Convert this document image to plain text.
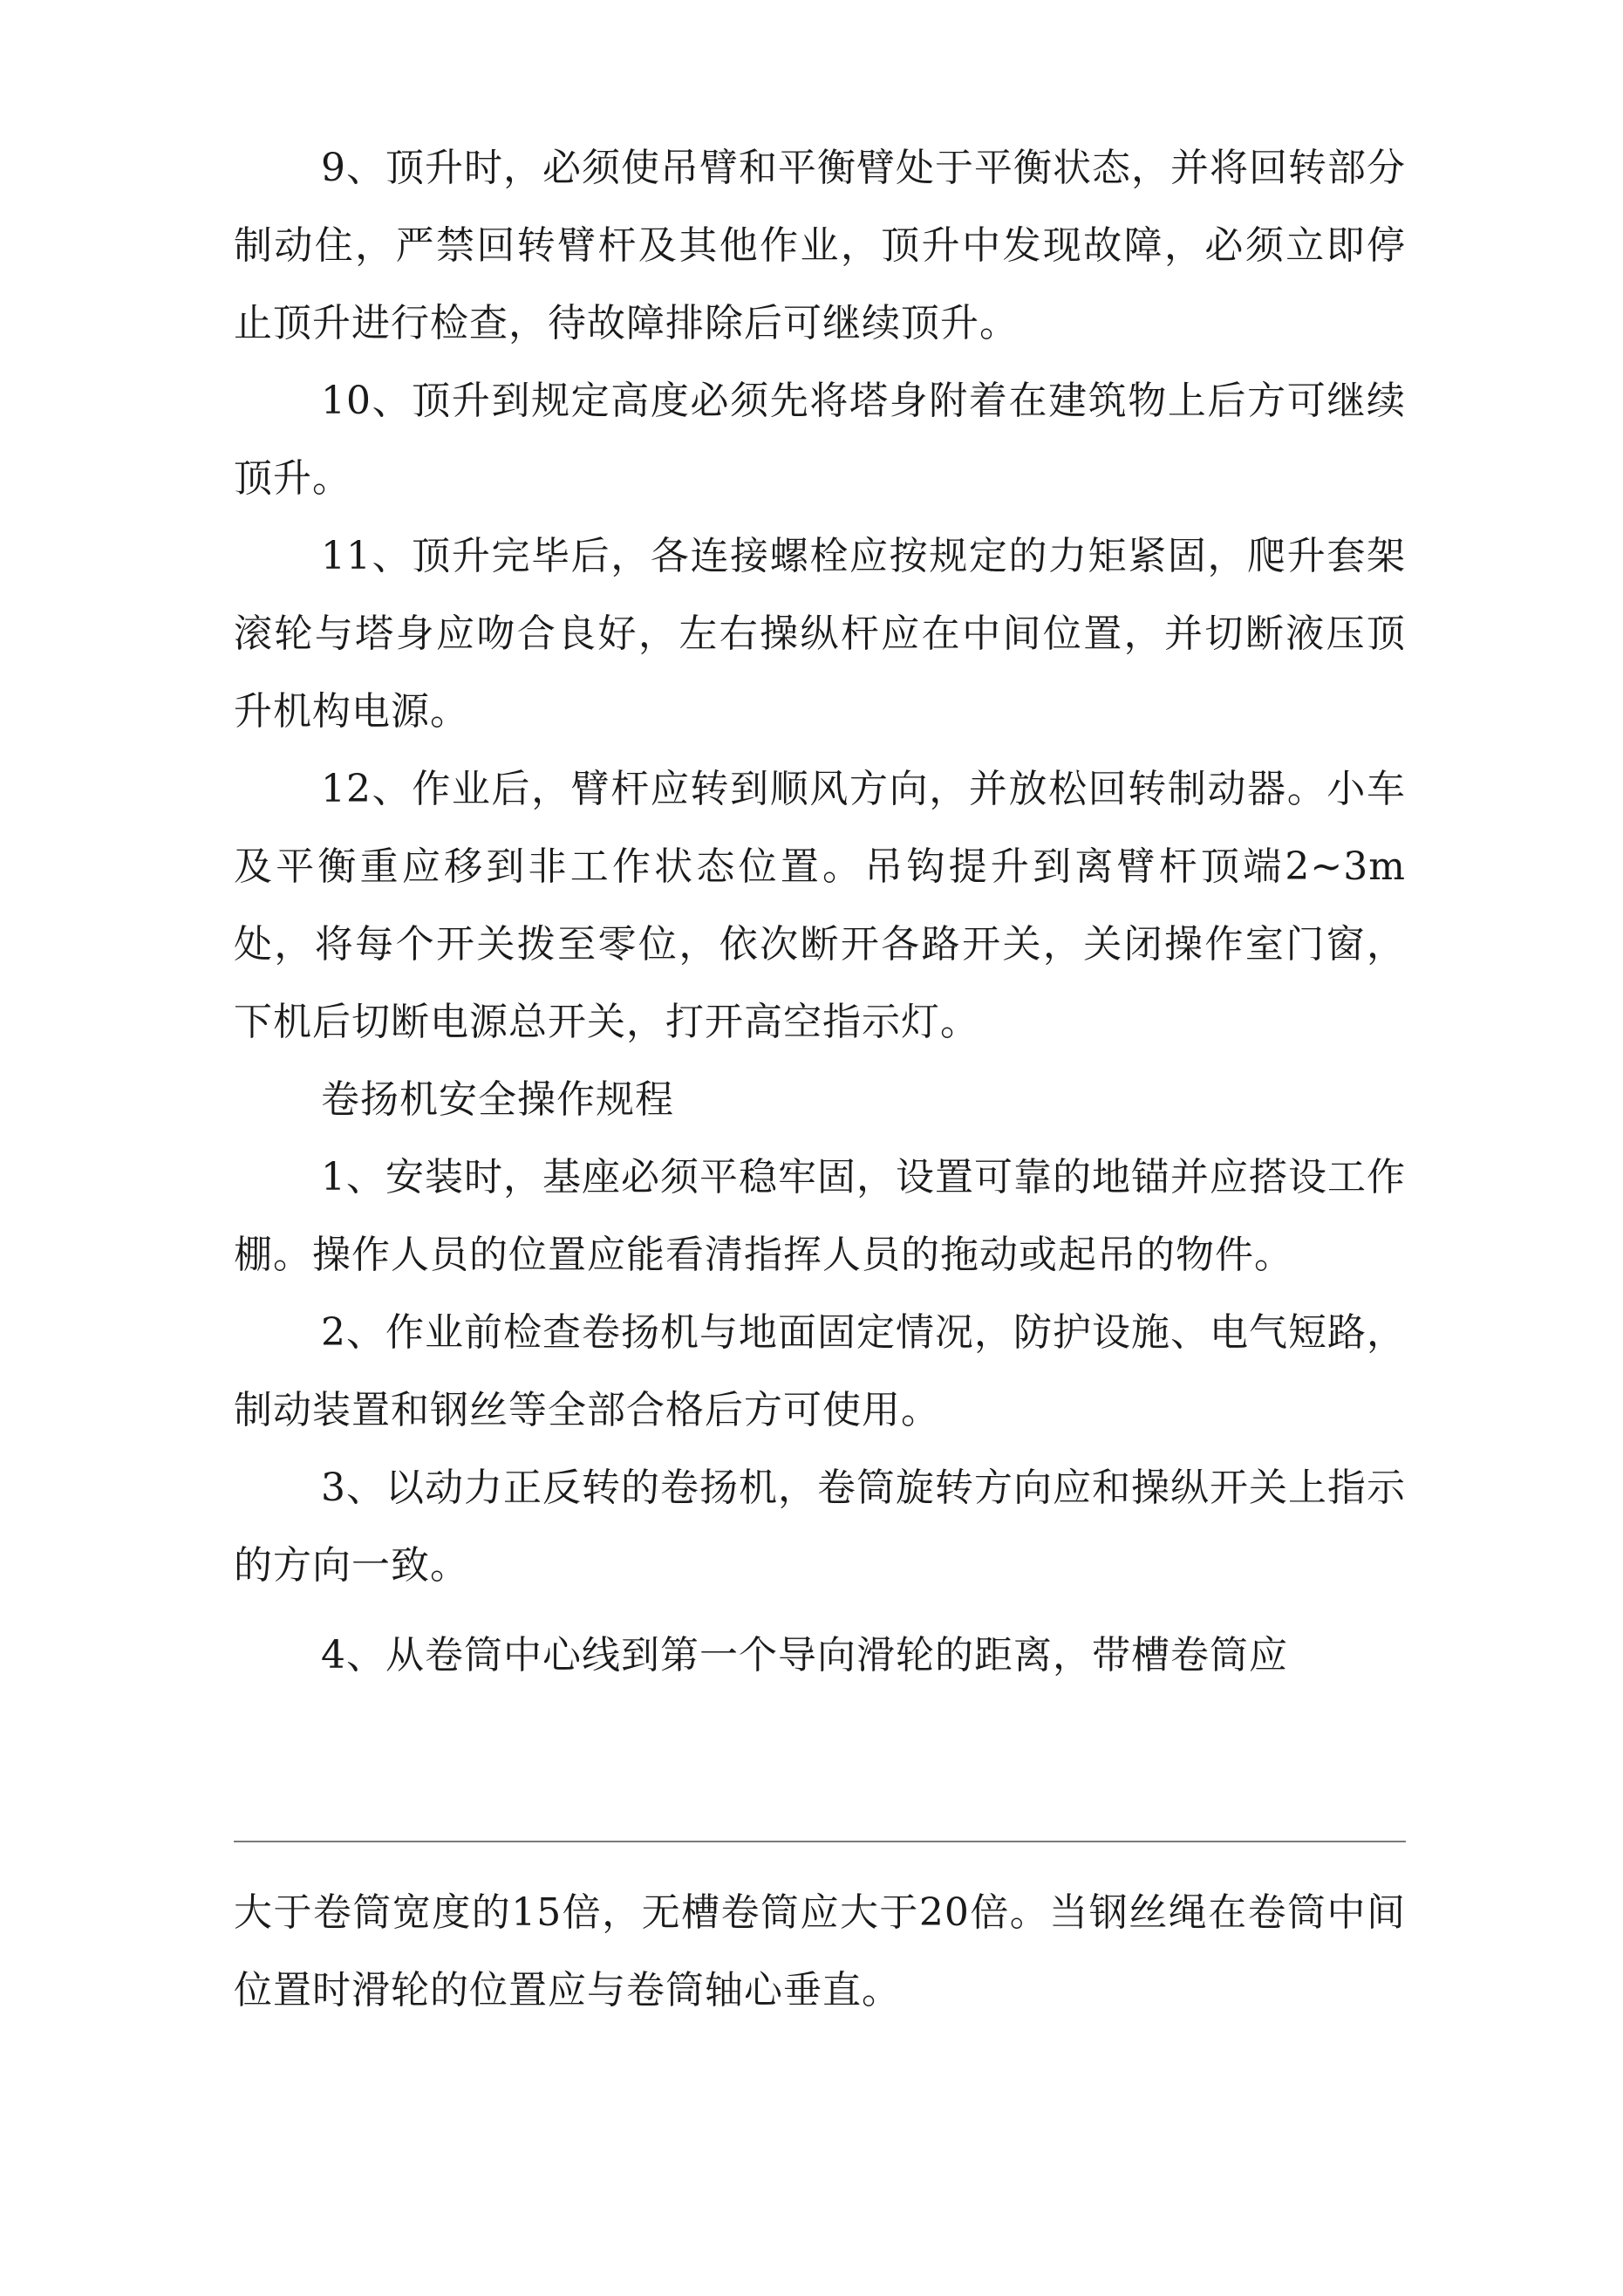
9、顶升时，必须使吊臂和平衡臂处于平衡状态，并将回转部分制动住，严禁回转臂杆及其他作业，顶升中发现故障，必须立即停止顶升进行检查，待故障排除后可继续顶升。

10、顶升到规定高度必须先将塔身附着在建筑物上后方可继续顶升。

11、顶升完毕后，各连接螺栓应按规定的力矩紧固，爬升套架滚轮与塔身应吻合良好，左右操纵杆应在中间位置，并切断液压顶升机构电源。

12、作业后，臂杆应转到顺风方向，并放松回转制动器。小车及平衡重应移到非工作状态位置。吊钩提升到离臂杆顶端2~3m处，将每个开关拨至零位，依次断开各路开关，关闭操作室门窗，下机后切断电源总开关，打开高空指示灯。

卷扬机安全操作规程

1、安装时，基座必须平稳牢固，设置可靠的地锚并应搭设工作棚。操作人员的位置应能看清指挥人员的拖动或起吊的物件。

2、作业前检查卷扬机与地面固定情况，防护设施、电气短路，制动装置和钢丝等全部合格后方可使用。

3、以动力正反转的卷扬机，卷筒旋转方向应和操纵开关上指示的方向一致。

4、从卷筒中心线到第一个导向滑轮的距离，带槽卷筒应

大于卷筒宽度的15倍，无槽卷筒应大于20倍。当钢丝绳在卷筒中间位置时滑轮的位置应与卷筒轴心垂直。
